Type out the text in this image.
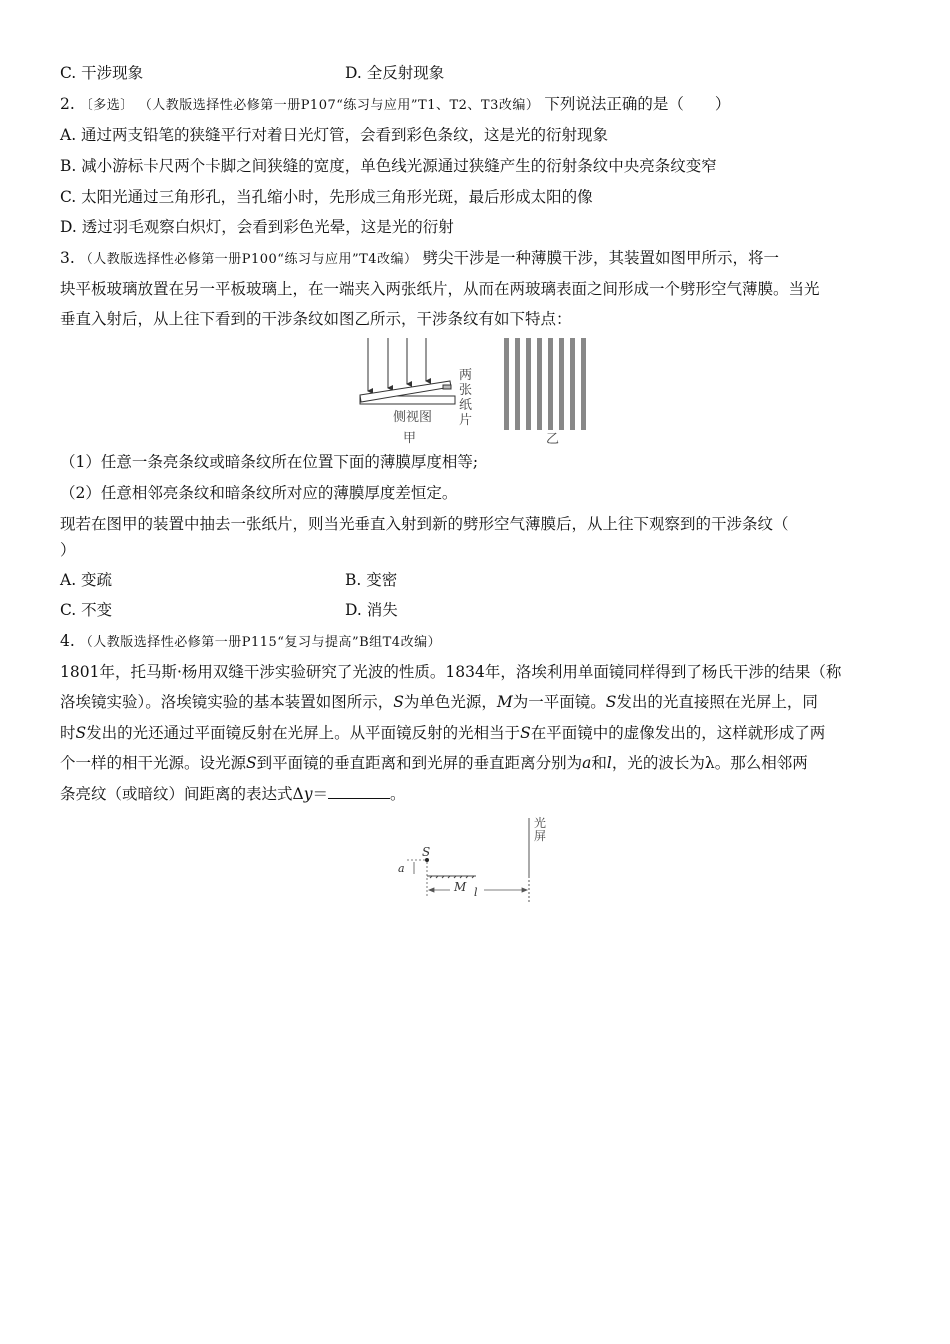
C. 干涉现象	D. 全反射现象
2. 〔多选〕 （人教版选择性必修第一册P107“练习与应用”T1、T2、T3改编） 下列说法正确的是（　　）
A. 通过两支铅笔的狭缝平行对着日光灯管，会看到彩色条纹，这是光的衍射现象
B. 减小游标卡尺两个卡脚之间狭缝的宽度，单色线光源通过狭缝产生的衍射条纹中央亮条纹变窄
C. 太阳光通过三角形孔，当孔缩小时，先形成三角形光斑，最后形成太阳的像
D. 透过羽毛观察白炽灯，会看到彩色光晕，这是光的衍射
3. （人教版选择性必修第一册P100“练习与应用”T4改编） 劈尖干涉是一种薄膜干涉，其装置如图甲所示，将一
块平板玻璃放置在另一平板玻璃上，在一端夹入两张纸片，从而在两玻璃表面之间形成一个劈形空气薄膜。当光
垂直入射后，从上往下看到的干涉条纹如图乙所示，干涉条纹有如下特点：
侧视图
两
张
纸
片
甲	乙
（1）任意一条亮条纹或暗条纹所在位置下面的薄膜厚度相等;
（2）任意相邻亮条纹和暗条纹所对应的薄膜厚度差恒定。
现若在图甲的装置中抽去一张纸片，则当光垂直入射到新的劈形空气薄膜后，从上往下观察到的干涉条纹（
）
A. 变疏	B. 变密
C. 不变	D. 消失
4. （人教版选择性必修第一册P115“复习与提高”B组T4改编）
1801年，托马斯·杨用双缝干涉实验研究了光波的性质。1834年，洛埃利用单面镜同样得到了杨氏干涉的结果（称
洛埃镜实验）。洛埃镜实验的基本装置如图所示，S为单色光源，M为一平面镜。S发出的光直接照在光屏上，同
时S发出的光还通过平面镜反射在光屏上。从平面镜反射的光相当于S在平面镜中的虚像发出的，这样就形成了两
个一样的相干光源。设光源S到平面镜的垂直距离和到光屏的垂直距离分别为a和l，光的波长为λ。那么相邻两
条亮纹（或暗纹）间距离的表达式Δy＝	。
光
屏
S
a
M l
